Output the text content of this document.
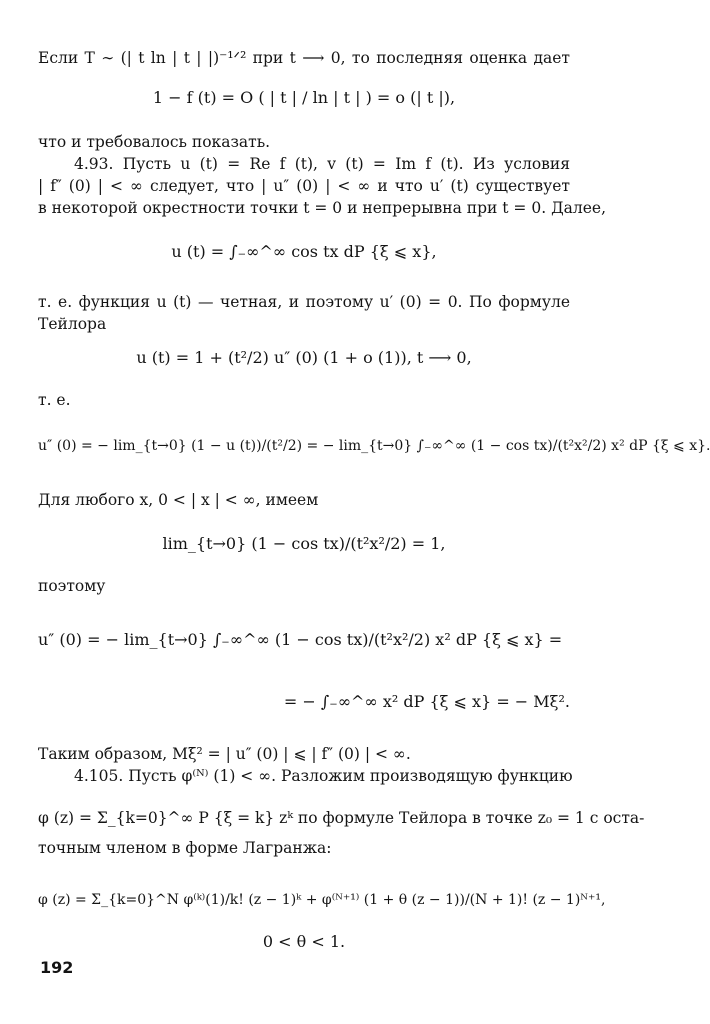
Если T ∼ (| t ln | t | |)⁻¹ᐟ² при t ⟶ 0, то последняя оценка дает
1 − f (t) = O ( | t | / ln | t | ) = o (| t |),
что и требовалось показать.
4.93. Пусть u (t) = Re f (t), v (t) = Im f (t). Из условия
| f″ (0) | < ∞ следует, что | u″ (0) | < ∞ и что u′ (t) существует
в некоторой окрестности точки t = 0 и непрерывна при t = 0. Далее,
u (t) = ∫₋∞^∞ cos tx dP {ξ ⩽ x},
т. е. функция u (t) — четная, и поэтому u′ (0) = 0. По формуле
Тейлора
u (t) = 1 + (t²/2) u″ (0) (1 + o (1)), t ⟶ 0,
т. е.
u″ (0) = − lim_{t→0} (1 − u (t))/(t²/2) = − lim_{t→0} ∫₋∞^∞ (1 − cos tx)/(t²x²/2) x² dP {ξ ⩽ x}.
Для любого x, 0 < | x | < ∞, имеем
lim_{t→0} (1 − cos tx)/(t²x²/2) = 1,
поэтому
u″ (0) = − lim_{t→0} ∫₋∞^∞ (1 − cos tx)/(t²x²/2) x² dP {ξ ⩽ x} =
= − ∫₋∞^∞ x² dP {ξ ⩽ x} = − Mξ².
Таким образом, Mξ² = | u″ (0) | ⩽ | f″ (0) | < ∞.
4.105. Пусть φ⁽ᴺ⁾ (1) < ∞. Разложим производящую функцию
φ (z) = Σ_{k=0}^∞ P {ξ = k} zᵏ по формуле Тейлора в точке z₀ = 1 с оста-
точным членом в форме Лагранжа:
φ (z) = Σ_{k=0}^N φ⁽ᵏ⁾(1)/k! (z − 1)ᵏ + φ⁽ᴺ⁺¹⁾ (1 + θ (z − 1))/(N + 1)! (z − 1)ᴺ⁺¹,
0 < θ < 1.
192
